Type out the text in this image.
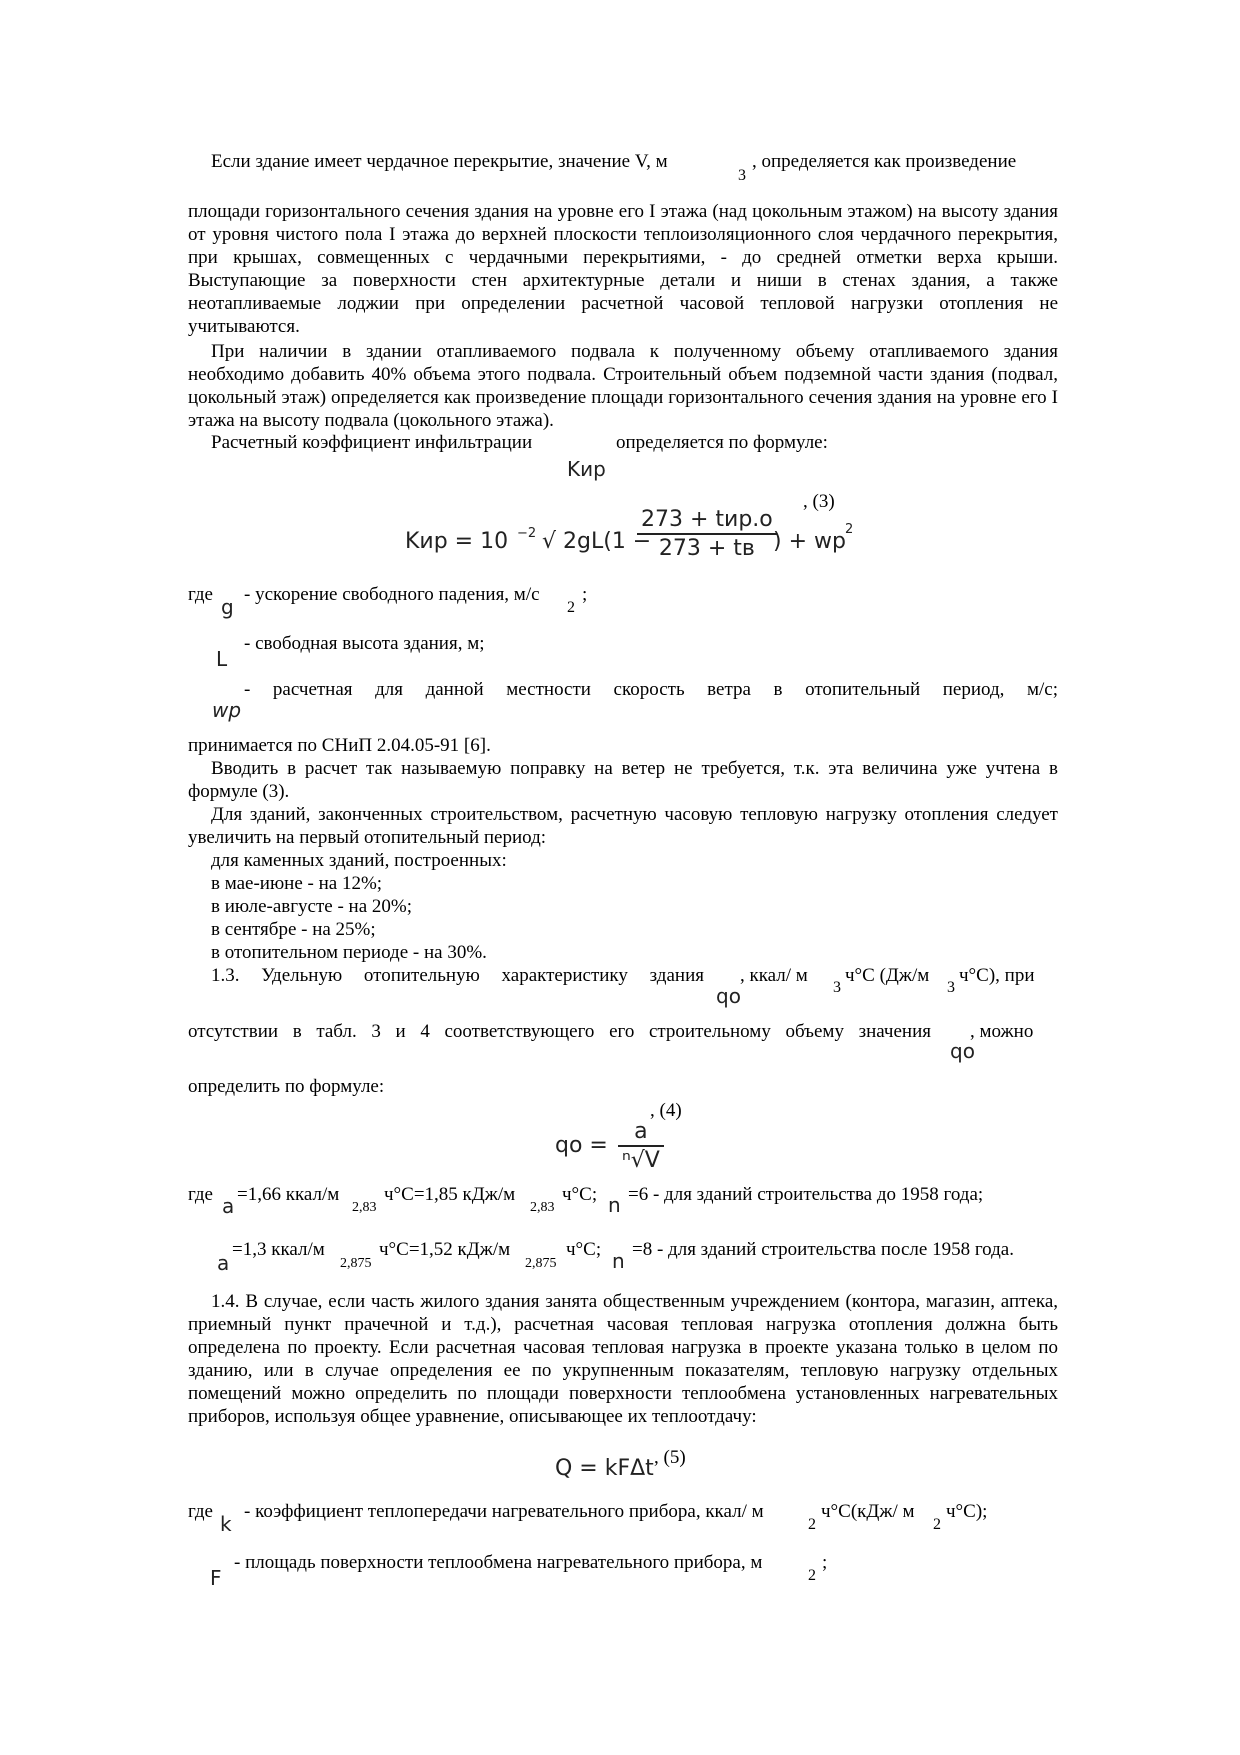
Если здание имеет чердачное перекрытие, значение V, м
3
, определяется как произведение
площади горизонтального сечения здания на уровне его I этажа (над цокольным этажом) на высоту здания от уровня чистого пола I этажа до верхней плоскости теплоизоляционного слоя чердачного перекрытия, при крышах, совмещенных с чердачными перекрытиями, - до средней отметки верха крыши. Выступающие за поверхности стен архитектурные детали и ниши в стенах здания, а также неотапливаемые лоджии при определении расчетной часовой тепловой нагрузки отопления не учитываются.
При наличии в здании отапливаемого подвала к полученному объему отапливаемого здания необходимо добавить 40% объема этого подвала. Строительный объем подземной части здания (подвал, цокольный этаж) определяется как произведение площади горизонтального сечения здания на уровне его I этажа на высоту подвала (цокольного этажа).
Расчетный коэффициент инфильтрации	определяется по формуле:
Kир
, (3)
Kир = 10 −2 √ 2gL(1 −
273 + tир.о
273 + tв ) + wр 2
где
g
- ускорение свободного падения, м/с
2
;
- свободная высота здания, м;
L
- расчетная для данной местности скорость ветра в отопительный период, м/с;
wр
принимается по СНиП 2.04.05-91 [6].
Вводить в расчет так называемую поправку на ветер не требуется, т.к. эта величина уже учтена в формуле (3).
Для зданий, законченных строительством, расчетную часовую тепловую нагрузку отопления следует увеличить на первый отопительный период:
для каменных зданий, построенных:
в мае-июне - на 12%;
в июле-августе - на 20%;
в сентябре - на 25%;
в отопительном периоде - на 30%.
1.3. Удельную отопительную характеристику здания
qo
, ккал/ м
3
ч°С (Дж/м
3
ч°С), при
отсутствии в табл. 3 и 4 соответствующего его строительному объему значения
qo
, можно
определить по формуле:
, (4)
qo = $\frac{a}{\text{ⁿ√V}}$
где a =1,66 ккал/м
2,83
ч°С=1,85 кДж/м
2,83
ч°С; n =6 - для зданий строительства до 1958 года;
a
=1,3 ккал/м
2,875
ч°С=1,52 кДж/м
2,875
ч°С; n =8 - для зданий строительства после 1958 года.
1.4. В случае, если часть жилого здания занята общественным учреждением (контора, магазин, аптека, приемный пункт прачечной и т.д.), расчетная часовая тепловая нагрузка отопления должна быть определена по проекту. Если расчетная часовая тепловая нагрузка в проекте указана только в целом по зданию, или в случае определения ее по укрупненным показателям, тепловую нагрузку отдельных помещений можно определить по площади поверхности теплообмена установленных нагревательных приборов, используя общее уравнение, описывающее их теплоотдачу:
Q = kFΔt , (5)
где
k
- коэффициент теплопередачи нагревательного прибора, ккал/ м
2
ч°С(кДж/ м
2
ч°С);
- площадь поверхности теплообмена нагревательного прибора, м
2
;
F
